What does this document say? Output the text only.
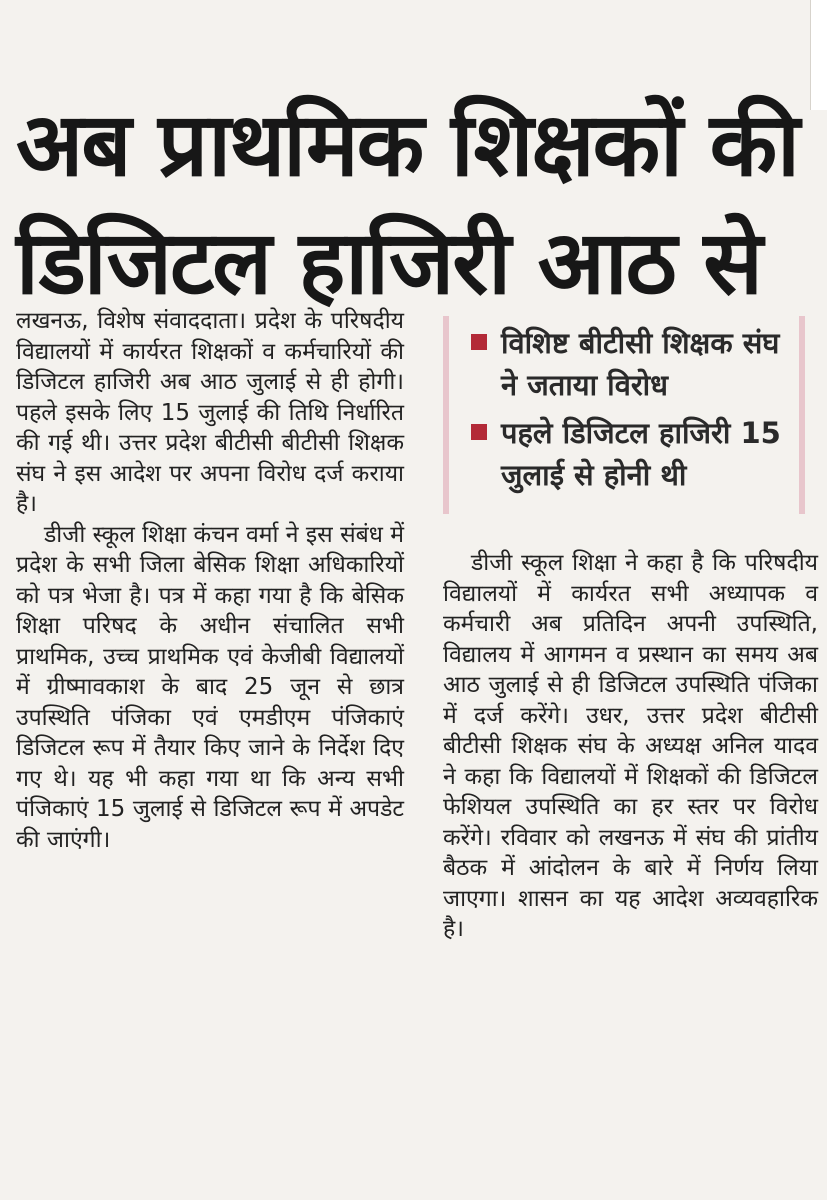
अब प्राथमिक शिक्षकों की
डिजिटल हाजिरी आठ से

लखनऊ, विशेष संवाददाता। प्रदेश के परिषदीय विद्यालयों में कार्यरत शिक्षकों व कर्मचारियों की डिजिटल हाजिरी अब आठ जुलाई से ही होगी। पहले इसके लिए 15 जुलाई की तिथि निर्धारित की गई थी। उत्तर प्रदेश बीटीसी बीटीसी शिक्षक संघ ने इस आदेश पर अपना विरोध दर्ज कराया है।

डीजी स्कूल शिक्षा कंचन वर्मा ने इस संबंध में प्रदेश के सभी जिला बेसिक शिक्षा अधिकारियों को पत्र भेजा है। पत्र में कहा गया है कि बेसिक शिक्षा परिषद के अधीन संचालित सभी प्राथमिक, उच्च प्राथमिक एवं केजीबी विद्यालयों में ग्रीष्मावकाश के बाद 25 जून से छात्र उपस्थिति पंजिका एवं एमडीएम पंजिकाएं डिजिटल रूप में तैयार किए जाने के निर्देश दिए गए थे। यह भी कहा गया था कि अन्य सभी पंजिकाएं 15 जुलाई से डिजिटल रूप में अपडेट की जाएंगी।

विशिष्ट बीटीसी शिक्षक संघ ने जताया विरोध
पहले डिजिटल हाजिरी 15 जुलाई से होनी थी

डीजी स्कूल शिक्षा ने कहा है कि परिषदीय विद्यालयों में कार्यरत सभी अध्यापक व कर्मचारी अब प्रतिदिन अपनी उपस्थिति, विद्यालय में आगमन व प्रस्थान का समय अब आठ जुलाई से ही डिजिटल उपस्थिति पंजिका में दर्ज करेंगे। उधर, उत्तर प्रदेश बीटीसी बीटीसी शिक्षक संघ के अध्यक्ष अनिल यादव ने कहा कि विद्यालयों में शिक्षकों की डिजिटल फेशियल उपस्थिति का हर स्तर पर विरोध करेंगे। रविवार को लखनऊ में संघ की प्रांतीय बैठक में आंदोलन के बारे में निर्णय लिया जाएगा। शासन का यह आदेश अव्यवहारिक है।
